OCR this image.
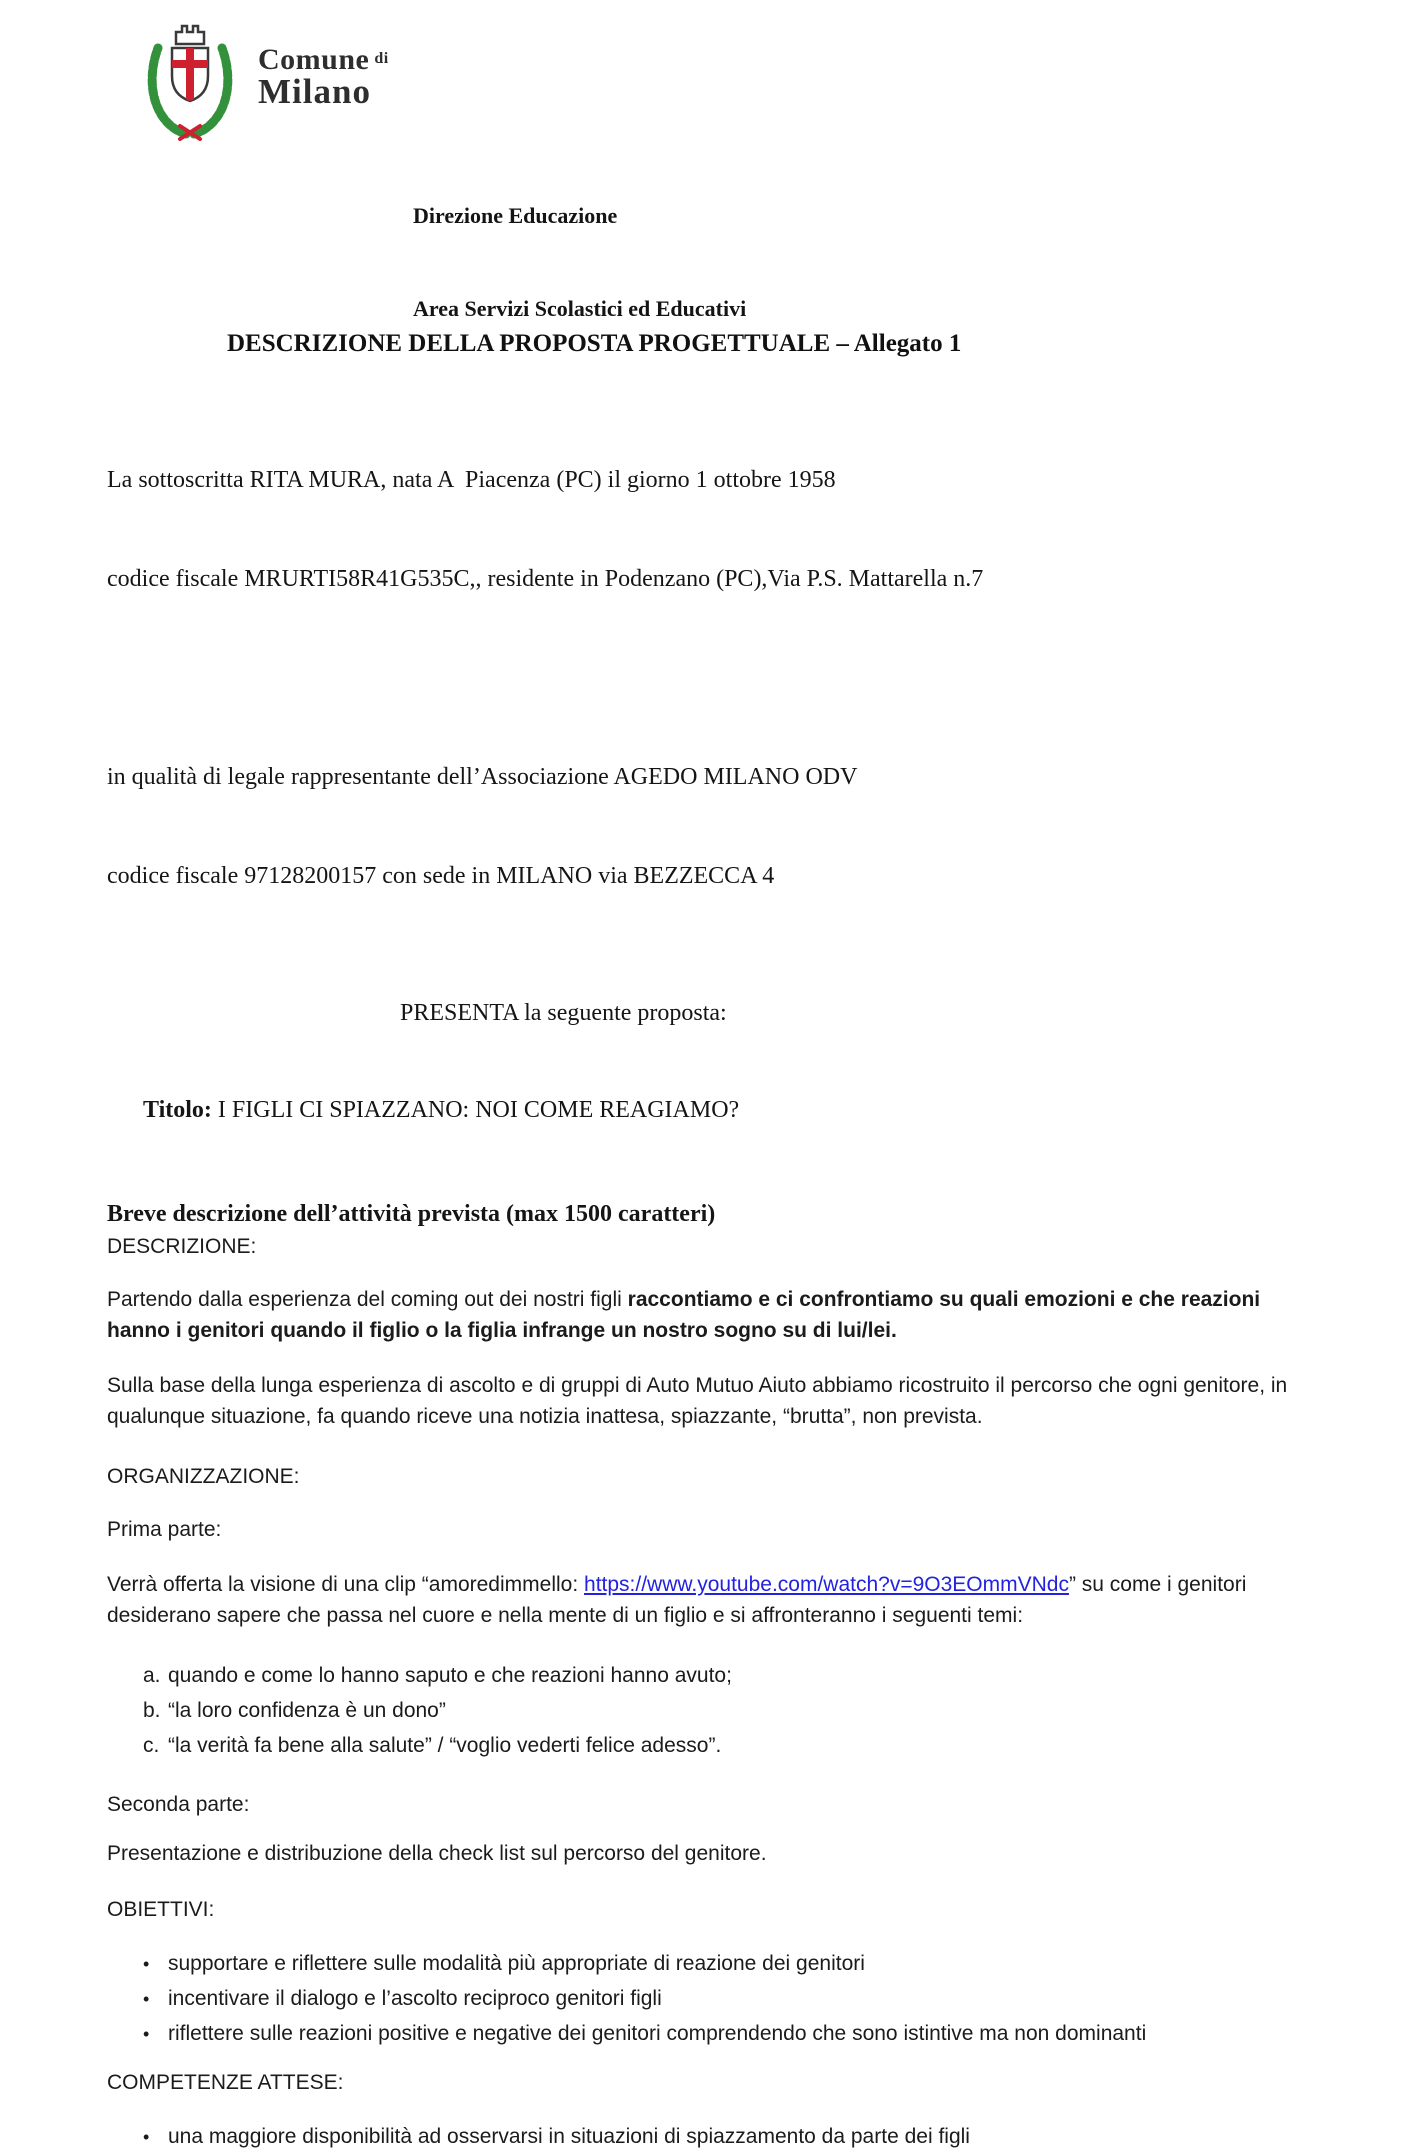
Comune $^{di}$
Milano

Direzione Educazione

Area Servizi Scolastici ed Educativi

DESCRIZIONE DELLA PROPOSTA PROGETTUALE – Allegato 1

La sottoscritta RITA MURA, nata A  Piacenza (PC) il giorno 1 ottobre 1958

codice fiscale MRURTI58R41G535C,, residente in Podenzano (PC),Via P.S. Mattarella n.7

in qualità di legale rappresentante dell’Associazione AGEDO MILANO ODV

codice fiscale 97128200157 con sede in MILANO via BEZZECCA 4

PRESENTA la seguente proposta:

Titolo: I FIGLI CI SPIAZZANO: NOI COME REAGIAMO?

Breve descrizione dell’attività prevista (max 1500 caratteri)
DESCRIZIONE:

Partendo dalla esperienza del coming out dei nostri figli raccontiamo e ci confrontiamo su quali emozioni e che reazioni hanno i genitori quando il figlio o la figlia infrange un nostro sogno su di lui/lei.

Sulla base della lunga esperienza di ascolto e di gruppi di Auto Mutuo Aiuto abbiamo ricostruito il percorso che ogni genitore, in qualunque situazione, fa quando riceve una notizia inattesa, spiazzante, “brutta”, non prevista.

ORGANIZZAZIONE:
Prima parte:

Verrà offerta la visione di una clip “amoredimmello: https://www.youtube.com/watch?v=9O3EOmmVNdc” su come i genitori desiderano sapere che passa nel cuore e nella mente di un figlio e si affronteranno i seguenti temi:

a. quando e come lo hanno saputo e che reazioni hanno avuto;
b. “la loro confidenza è un dono”
c. “la verità fa bene alla salute” / “voglio vederti felice adesso”.
Seconda parte:

Presentazione e distribuzione della check list sul percorso del genitore.

OBIETTIVI:
• supportare e riflettere sulle modalità più appropriate di reazione dei genitori
• incentivare il dialogo e l’ascolto reciproco genitori figli
• riflettere sulle reazioni positive e negative dei genitori comprendendo che sono istintive ma non dominanti
COMPETENZE ATTESE:
• una maggiore disponibilità ad osservarsi in situazioni di spiazzamento da parte dei figli
